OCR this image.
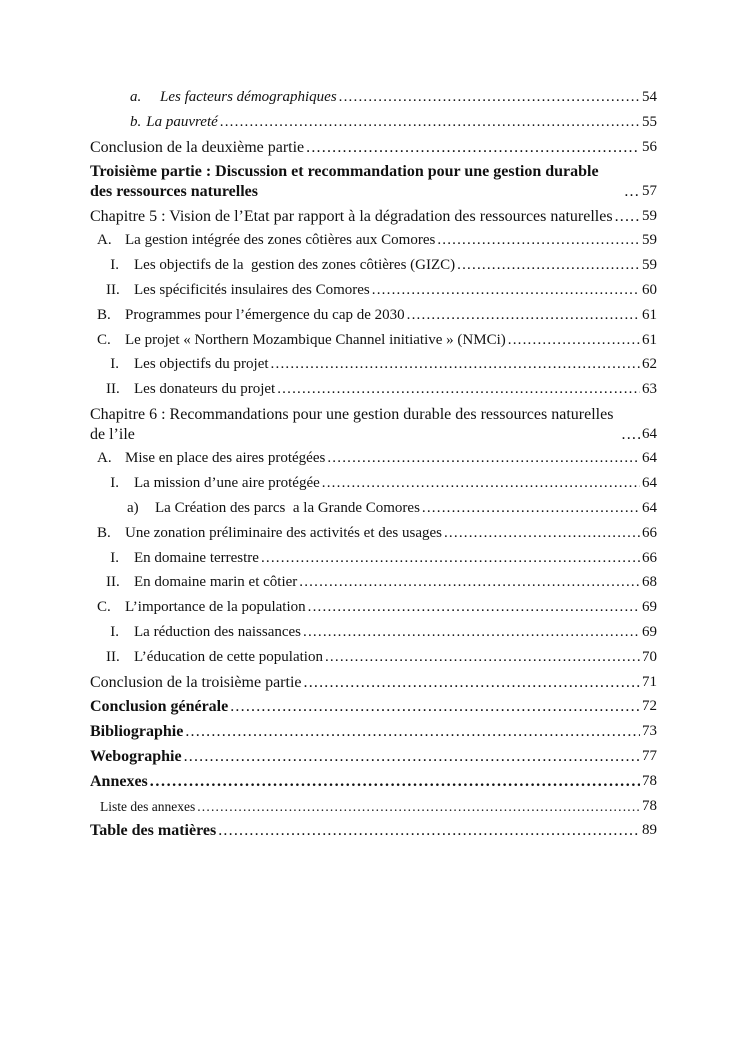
a.	Les facteurs démographiques .....	54
b. La pauvreté .....	55
Conclusion de la deuxième partie .....	56
Troisième partie : Discussion et recommandation pour une gestion durable des ressources naturelles .....	57
Chapitre 5 : Vision de l’Etat par rapport à la dégradation des ressources naturelles ..... 59
A. La gestion intégrée des zones côtières aux Comores .....	59
I.	Les objectifs de la  gestion des zones côtières (GIZC) .....	59
II. Les spécificités insulaires des Comores .....	60
B. Programmes pour l’émergence du cap de 2030 .....	61
C. Le projet « Northern Mozambique Channel initiative » (NMCi) .....	61
I.	Les objectifs du projet .....	62
II. Les donateurs du projet .....	63
Chapitre 6 : Recommandations pour une gestion durable des ressources naturelles de l’ile .....	64
A. Mise en place des aires protégées .....	64
I.	La mission d’une aire protégée .....	64
a)	La Création des parcs  a la Grande Comores .....	64
B. Une zonation préliminaire des activités et des usages .....	66
I.	En domaine terrestre .....	66
II. En domaine marin et côtier .....	68
C. L’importance de la population .....	69
I.	La réduction des naissances .....	69
II. L’éducation de cette population .....	70
Conclusion de la troisième partie .....	71
Conclusion générale .....	72
Bibliographie .....	73
Webographie .....	77
Annexes .....	78
Liste des annexes .....	78
Table des matières .....	89
